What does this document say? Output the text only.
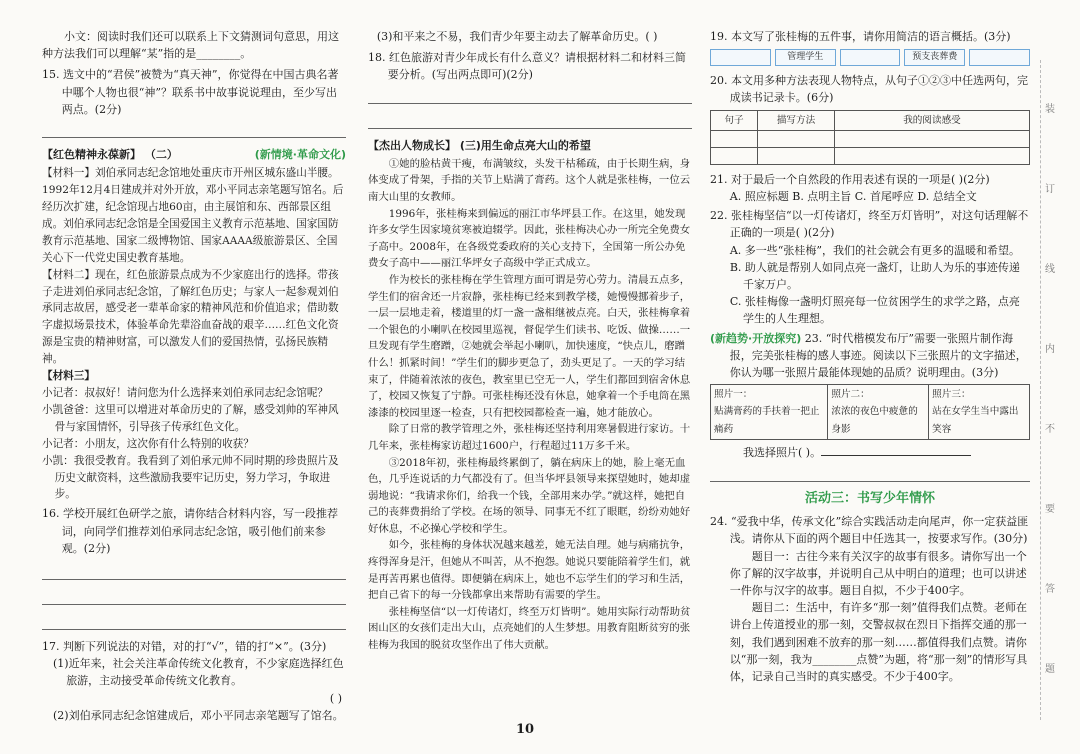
小文：阅读时我们还可以联系上下文猜测词句意思，用这种方法我们可以理解“某”指的是________。

15. 选文中的“君侯”被赞为“真天神”，你觉得在中国古典名著中哪个人物也很“神”？联系书中故事说说理由，至少写出两点。(2分)

【红色精神永葆新】 （二）	(新情境·革命文化)

【材料一】刘伯承同志纪念馆地处重庆市开州区城东盛山半腰。1992年12月4日建成并对外开放，邓小平同志亲笔题写馆名。后经历次扩建，纪念馆现占地60亩，由主展馆和东、西部景区组成。刘伯承同志纪念馆是全国爱国主义教育示范基地、国家国防教育示范基地、国家二级博物馆、国家AAAA级旅游景区、全国关心下一代党史国史教育基地。

【材料二】现在，红色旅游景点成为不少家庭出行的选择。带孩子走进刘伯承同志纪念馆，了解红色历史；与家人一起参观刘伯承同志故居，感受老一辈革命家的精神风范和价值追求；借助数字虚拟场景技术，体验革命先辈浴血奋战的艰辛……红色文化资源是宝贵的精神财富，可以激发人们的爱国热情，弘扬民族精神。

【材料三】

小记者：叔叔好！请问您为什么选择来刘伯承同志纪念馆呢？

小凯爸爸：这里可以增进对革命历史的了解，感受刘帅的军神风骨与家国情怀，引导孩子传承红色文化。

小记者：小朋友，这次你有什么特别的收获？

小凯：我很受教育。我看到了刘伯承元帅不同时期的珍贵照片及历史文献资料，这些激励我要牢记历史，努力学习，争取进步。

16. 学校开展红色研学之旅，请你结合材料内容，写一段推荐词，向同学们推荐刘伯承同志纪念馆，吸引他们前来参观。(2分)

17. 判断下列说法的对错，对的打“√”，错的打“×”。(3分)

(1)近年来，社会关注革命传统文化教育，不少家庭选择红色旅游，主动接受革命传统文化教育。

( )

(2)刘伯承同志纪念馆建成后，邓小平同志亲笔题写了馆名。

(3)和平来之不易，我们青少年要主动去了解革命历史。( )

18. 红色旅游对青少年成长有什么意义？请根据材料二和材料三简要分析。(写出两点即可)(2分)

【杰出人物成长】 (三)用生命点亮大山的希望

①她的脸枯黄干瘦，布满皱纹，头发干枯稀疏，由于长期生病，身体变成了骨架，手指的关节上贴满了膏药。这个人就是张桂梅，一位云南大山里的女教师。

1996年，张桂梅来到偏远的丽江市华坪县工作。在这里，她发现许多女学生因家境贫寒被迫辍学。因此，张桂梅决心办一所完全免费女子高中。2008年，在各级党委政府的关心支持下，全国第一所公办免费女子高中——丽江华坪女子高级中学正式成立。

作为校长的张桂梅在学生管理方面可谓是劳心劳力。清晨五点多，学生们的宿舍还一片寂静，张桂梅已经来到教学楼，她慢慢挪着步子，一层一层地走着，楼道里的灯一盏一盏相继被点亮。白天，张桂梅拿着一个银色的小喇叭在校园里巡视，督促学生们读书、吃饭、做操……一旦发现有学生磨蹭，②她就会举起小喇叭，加快速度，“快点儿，磨蹭什么！抓紧时间！”学生们的脚步更急了，劲头更足了。一天的学习结束了，伴随着浓浓的夜色，教室里已空无一人，学生们都回到宿舍休息了，校园又恢复了宁静。可张桂梅还没有休息，她拿着一个手电筒在黑漆漆的校园里逐一检查，只有把校园都检查一遍，她才能放心。

除了日常的教学管理之外，张桂梅还坚持利用寒暑假进行家访。十几年来，张桂梅家访超过1600户，行程超过11万多千米。

③2018年初，张桂梅最终累倒了，躺在病床上的她，脸上毫无血色，几乎连说话的力气都没有了。但当华坪县领导来探望她时，她却虚弱地说：“我请求你们，给我一个钱，全部用来办学。”就这样，她把自己的丧葬费捐给了学校。在场的领导、同事无不红了眼眶，纷纷劝她好好休息，不必操心学校和学生。

如今，张桂梅的身体状况越来越差，她无法自理。她与病痛抗争，疼得浑身是汗，但她从不叫苦，从不抱怨。她说只要能陪着学生们，就是再苦再累也值得。即便躺在病床上，她也不忘学生们的学习和生活，把自己省下的每一分钱都拿出来帮助有需要的学生。

张桂梅坚信“以一灯传诸灯，终至万灯皆明”。她用实际行动帮助贫困山区的女孩们走出大山，点亮她们的人生梦想。用教育阻断贫穷的张桂梅为我国的脱贫攻坚作出了伟大贡献。

19. 本文写了张桂梅的五件事，请你用简洁的语言概括。(3分)

管理学生	预支丧葬费

20. 本文用多种方法表现人物特点，从句子①②③中任选两句，完成读书记录卡。(6分)

句子	描写方法	我的阅读感受

21. 对于最后一个自然段的作用表述有误的一项是( )(2分)

A. 照应标题 B. 点明主旨 C. 首尾呼应 D. 总结全文

22. 张桂梅坚信“以一灯传诸灯，终至万灯皆明”，对这句话理解不正确的一项是( )(2分)

A. 多一些“张桂梅”，我们的社会就会有更多的温暖和希望。

B. 助人就是帮别人如同点亮一盏灯，让助人为乐的事迹传递千家万户。

C. 张桂梅像一盏明灯照亮每一位贫困学生的求学之路，点亮学生的人生理想。

(新趋势·开放探究) 23. “时代楷模发布厅”需要一张照片制作海报，完美张桂梅的感人事迹。阅读以下三张照片的文字描述，你认为哪一张照片最能体现她的品质？说明理由。(3分)

照片一：
贴满膏药的手扶着一把止痛药

照片二：
浓浓的夜色中疲惫的身影

照片三：
站在女学生当中露出笑容

我选择照片( )。

活动三：书写少年情怀

24. “爱我中华，传承文化”综合实践活动走向尾声，你一定获益匪浅。请你从下面的两个题目中任选其一，按要求写作。(30分)

题目一：古往今来有关汉字的故事有很多。请你写出一个你了解的汉字故事，并说明自己从中明白的道理；也可以讲述一件你与汉字的故事。题目自拟，不少于400字。

题目二：生活中，有许多“那一刻”值得我们点赞。老师在讲台上传道授业的那一刻，交警叔叔在烈日下指挥交通的那一刻，我们遇到困难不放弃的那一刻……都值得我们点赞。请你以“那一刻，我为________点赞”为题，将“那一刻”的情形写具体，记录自己当时的真实感受。不少于400字。

10
装
订
线
内
不
要
答
题
